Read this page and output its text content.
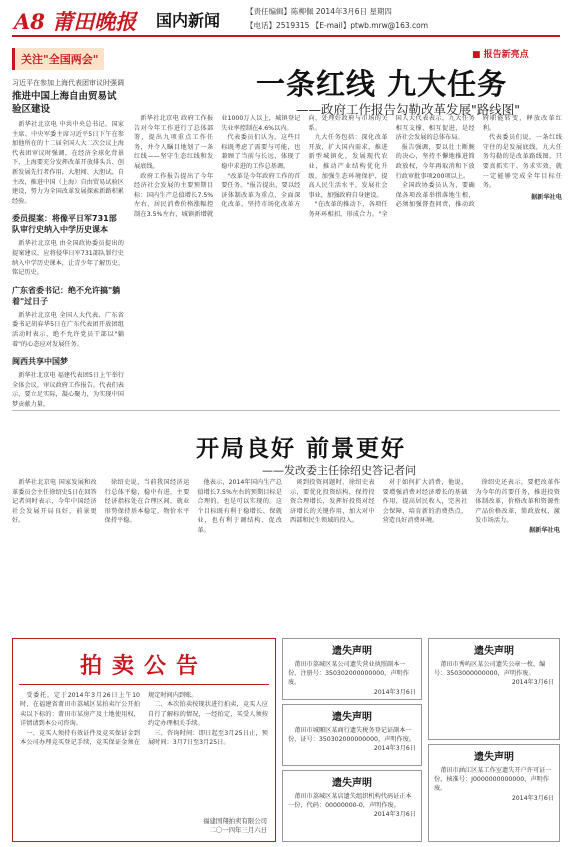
A8 莆田晚报 国内新闻	【责任编辑】陈柳佩 2014年3月6日 星期四
【电话】2519315 【E-mail】ptwb.mrw@163.com
关注"全国两会"
习近平在参加上海代表团审议时强调
推进中国上海自由贸易试验区建设

新华社北京电 中共中央总书记、国家主席、中央军委主席习近平5日下午在参加他所在的十二届全国人大二次会议上海代表团审议时强调，在经济全球化背景下，上海要充分发挥改革开放排头兵、创新发展先行者作用，大胆闯、大胆试、自主改，推进中国（上海）自由贸易试验区建设，努力为全国改革发展探索新路积累经验。

委员提案：将像平日军731部队审行史纳入中学历史课本

新华社北京电 由全国政协委员提出的提案建议，应将侵华日军731部队罪行史纳入中学历史课本，让青少年了解历史、铭记历史。

广东省委书记：绝不允许搞"躺着"过日子

新华社北京电 全国人大代表、广东省委书记胡春华5日在广东代表团开放团组活动时表示，绝不允许党员干部以"躺着"的心态应对发展任务。

闽西共享中国梦

新华社北京电 福建代表团5日上午举行全体会议，审议政府工作报告。代表们表示，要立足实际，凝心聚力，为实现中国梦贡献力量。

■ 报告新亮点
一条红线 九大任务
——政府工作报告勾勒改革发展"路线图"

新华社北京电 政府工作报告对今年工作进行了总体部署，提出九项重点工作任务，并令人瞩目地划了一条红线——坚守生态红线和发展底线。

政府工作报告提出了今年经济社会发展的主要预期目标：国内生产总值增长7.5%左右，居民消费价格涨幅控制在3.5%左右，城镇新增就业1000万人以上，城镇登记失业率控制在4.6%以内。

代表委员们认为，这些目标既考虑了需要与可能，也兼顾了当前与长远，体现了稳中求进的工作总基调。

"改革是今年政府工作的首要任务。"报告提出，要以经济体制改革为重点，全面深化改革，坚持市场化改革方向，处理好政府与市场的关系。

九大任务包括：深化改革开放，扩大国内需求，推进新型城镇化，发展现代农业，推动产业结构优化升级，加强生态环境保护，提高人民生活水平，发展社会事业，加强政府自身建设。

"在改革的推动下，各项任务环环相扣，形成合力。"全国人大代表表示，九大任务相互支撑、相互促进，是经济社会发展的总体布局。

报告强调，要以壮士断腕的决心，坚持不懈地推进简政放权，今年再取消和下放行政审批事项200项以上。

全国政协委员认为，要确保各项改革举措落地生根，必须加强督查问责，推动政府职能转变，释放改革红利。

代表委员们说，一条红线守住的是发展底线，九大任务勾勒的是改革路线图，只要真抓实干、务求实效，就一定能够完成全年目标任务。

据新华社电

开局良好 前景更好
——发改委主任徐绍史答记者问

新华社北京电 国家发展和改革委员会主任徐绍史5日在回答记者问时表示，今年中国经济社会发展开局良好，前景更好。

徐绍史说，当前我国经济运行总体平稳，稳中有进，主要经济指标处在合理区间，就业形势保持基本稳定，物价水平保持平稳。

他表示，2014年国内生产总值增长7.5%左右的预期目标是合理的，也是可以实现的。这个目标既有利于稳增长、保就业，也有利于调结构、促改革。

谈到投资问题时，徐绍史表示，要优化投资结构，保持投资合理增长，发挥好投资对经济增长的关键作用，加大对中西部和民生领域的投入。

对于如何扩大消费，他说，要增强消费对经济增长的基础作用，提高居民收入，完善社会保障，培育新的消费热点，营造良好消费环境。

徐绍史还表示，要把改革作为今年的首要任务，推进投资体制改革，价格改革和资源性产品价格改革，简政放权，激发市场活力。

据新华社电

拍卖公告

受委托，定于2014年3月26日上午10时，在福建省莆田市荔城区某拍卖厅公开拍卖以下标的：莆田市某房产及土地使用权，详情请到本公司咨询。

一、竞买人须持有效证件及竞买保证金到本公司办理竞买登记手续，竞买保证金须在规定时间内到账。

二、本次拍卖按现状进行拍卖，竞买人应自行了解标的情况，一经拍定，买受人须按约定办理相关手续。

三、咨询时间：即日起至3月25日止，预展时间：3月7日至3月25日。

福建国翔拍卖有限公司
二〇一四年三月六日
遗失声明
莆田市荔城区某公司遗失营业执照副本一份，注册号：350302000000000，声明作废。
2014年3月6日
遗失声明
莆田市城厢区某商行遗失税务登记证副本一份，证号：350302000000000，声明作废。
2014年3月6日
遗失声明
莆田市荔城区某店遗失组织机构代码证正本一份，代码：00000000-0，声明作废。
2014年3月6日
遗失声明
莆田市秀屿区某公司遗失公章一枚，编号：3503000000000，声明作废。
2014年3月6日
遗失声明
莆田市涵江区某工作室遗失开户许可证一份，核准号：J0000000000000，声明作废。
2014年3月6日
